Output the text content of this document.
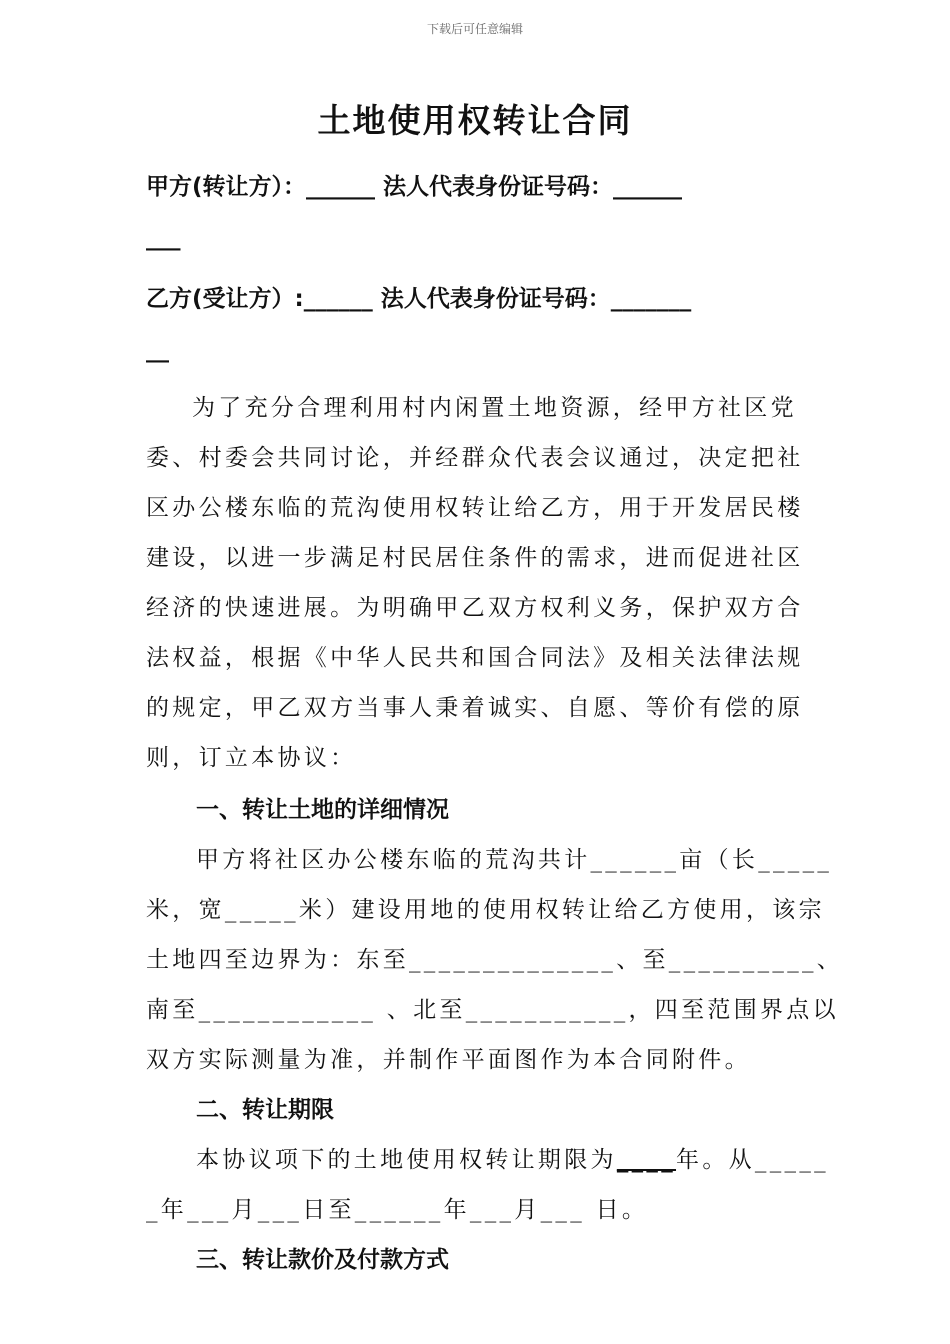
下载后可任意编辑
土地使用权转让合同
甲方(转让方）：______ 法人代表身份证号码：______
___
乙方(受让方）:______ 法人代表身份证号码：_______
__

为了充分合理利用村内闲置土地资源，经甲方社区党委、村委会共同讨论，并经群众代表会议通过，决定把社区办公楼东临的荒沟使用权转让给乙方，用于开发居民楼建设，以进一步满足村民居住条件的需求，进而促进社区经济的快速进展。为明确甲乙双方权利义务，保护双方合法权益，根据《中华人民共和国合同法》及相关法律法规的规定，甲乙双方当事人秉着诚实、自愿、等价有偿的原则，订立本协议：

一、转让土地的详细情况
甲方将社区办公楼东临的荒沟共计______亩（长_____
米，宽_____米）建设用地的使用权转让给乙方使用，该宗
土地四至边界为：东至______________、至__________、
南至____________ 、北至___________，四至范围界点以
双方实际测量为准，并制作平面图作为本合同附件。
二、转让期限
本协议项下的土地使用权转让期限为____年。从_____
_年___月___日至______年___月___ 日。
三、转让款价及付款方式
